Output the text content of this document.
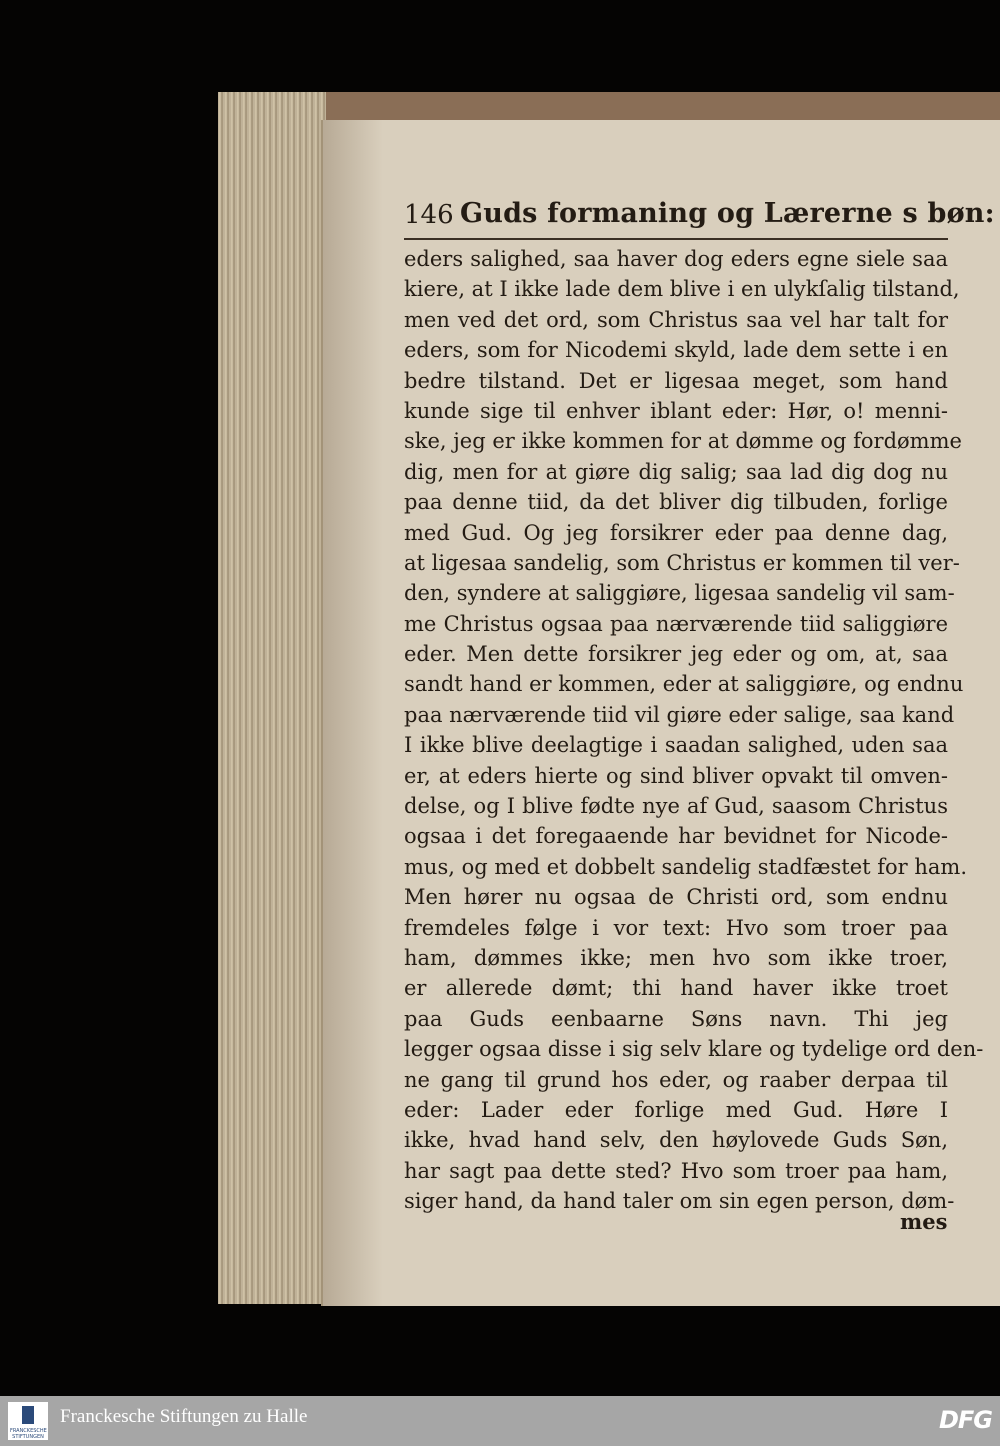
146 Guds formaning og Lærerne s bøn:
eders salighed, saa haver dog eders egne siele saa
kiere, at I ikke lade dem blive i en ulykſalig tilstand,
men ved det ord, som Christus saa vel har talt for
eders, som for Nicodemi skyld, lade dem sette i en
bedre tilstand. Det er ligesaa meget, som hand
kunde sige til enhver iblant eder: Hør, o! menni-
ske, jeg er ikke kommen for at dømme og fordømme
dig, men for at giøre dig salig; saa lad dig dog nu
paa denne tiid, da det bliver dig tilbuden, forlige
med Gud. Og jeg forsikrer eder paa denne dag,
at ligesaa sandelig, som Christus er kommen til ver-
den, syndere at saliggiøre, ligesaa sandelig vil sam-
me Christus ogsaa paa nærværende tiid saliggiøre
eder. Men dette forsikrer jeg eder og om, at, saa
sandt hand er kommen, eder at saliggiøre, og endnu
paa nærværende tiid vil giøre eder salige, saa kand
I ikke blive deelagtige i saadan salighed, uden saa
er, at eders hierte og sind bliver opvakt til omven-
delse, og I blive fødte nye af Gud, saasom Christus
ogsaa i det foregaaende har bevidnet for Nicode-
mus, og med et dobbelt sandelig stadfæstet for ham.
Men hører nu ogsaa de Christi ord, som endnu
fremdeles følge i vor text: Hvo som troer paa
ham, dømmes ikke; men hvo som ikke troer,
er allerede dømt; thi hand haver ikke troet
paa Guds eenbaarne Søns navn. Thi jeg
legger ogsaa disse i sig selv klare og tydelige ord den-
ne gang til grund hos eder, og raaber derpaa til
eder: Lader eder forlige med Gud. Høre I
ikke, hvad hand selv, den høylovede Guds Søn,
har sagt paa dette sted? Hvo som troer paa ham,
siger hand, da hand taler om sin egen person, døm-
mes
FRANCKESCHE STIFTUNGEN
Franckesche Stiftungen zu Halle	DFG
